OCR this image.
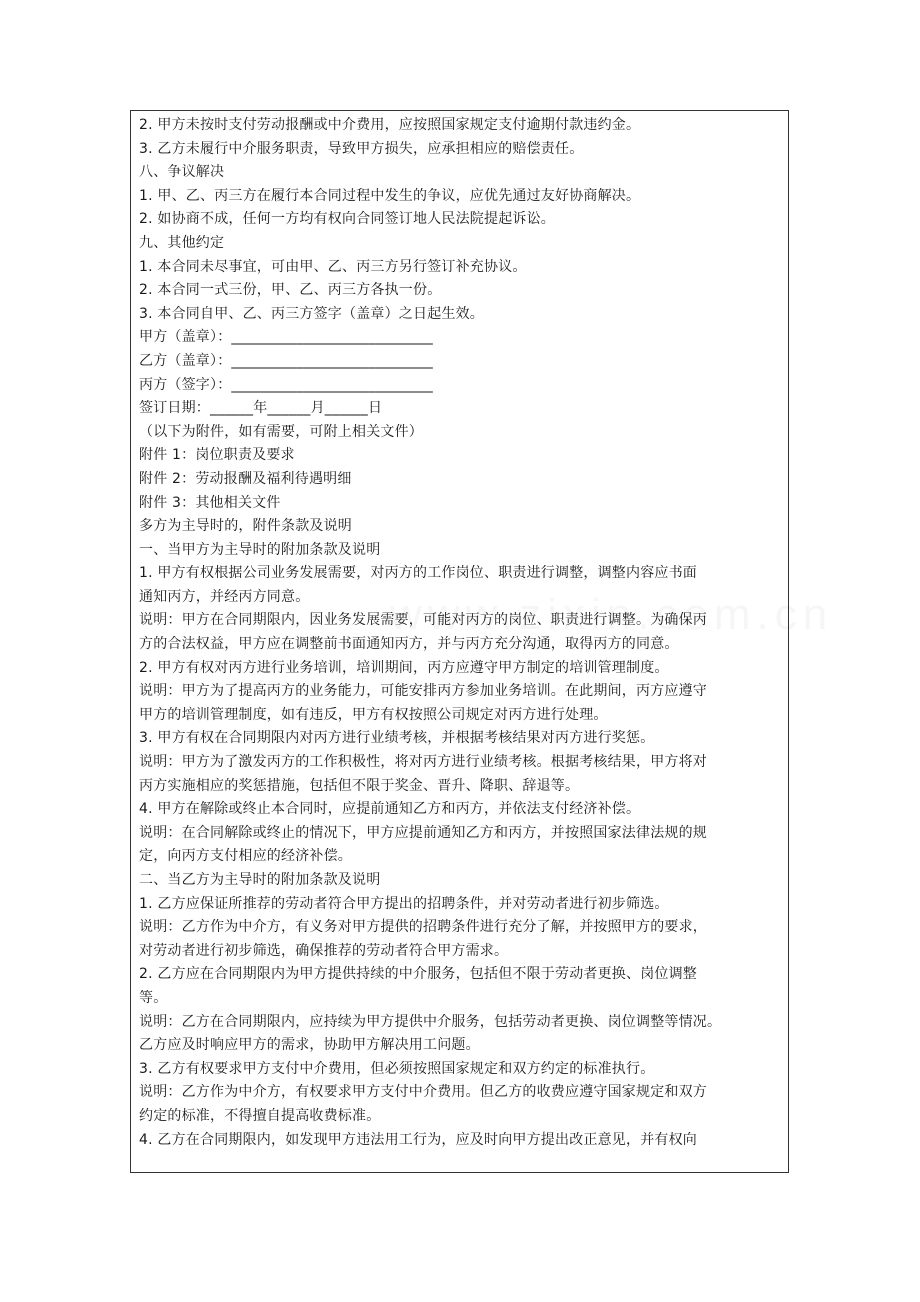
2. 甲方未按时支付劳动报酬或中介费用，应按照国家规定支付逾期付款违约金。
3. 乙方未履行中介服务职责，导致甲方损失，应承担相应的赔偿责任。
八、争议解决
1. 甲、乙、丙三方在履行本合同过程中发生的争议，应优先通过友好协商解决。
2. 如协商不成，任何一方均有权向合同签订地人民法院提起诉讼。
九、其他约定
1. 本合同未尽事宜，可由甲、乙、丙三方另行签订补充协议。
2. 本合同一式三份，甲、乙、丙三方各执一份。
3. 本合同自甲、乙、丙三方签字（盖章）之日起生效。
甲方（盖章）：____________________________
乙方（盖章）：____________________________
丙方（签字）：____________________________
签订日期：______年______月______日
（以下为附件，如有需要，可附上相关文件）
附件 1：岗位职责及要求
附件 2：劳动报酬及福利待遇明细
附件 3：其他相关文件
多方为主导时的，附件条款及说明
一、当甲方为主导时的附加条款及说明
1. 甲方有权根据公司业务发展需要，对丙方的工作岗位、职责进行调整，调整内容应书面
通知丙方，并经丙方同意。
说明：甲方在合同期限内，因业务发展需要，可能对丙方的岗位、职责进行调整。为确保丙
方的合法权益，甲方应在调整前书面通知丙方，并与丙方充分沟通，取得丙方的同意。
2. 甲方有权对丙方进行业务培训，培训期间，丙方应遵守甲方制定的培训管理制度。
说明：甲方为了提高丙方的业务能力，可能安排丙方参加业务培训。在此期间，丙方应遵守
甲方的培训管理制度，如有违反，甲方有权按照公司规定对丙方进行处理。
3. 甲方有权在合同期限内对丙方进行业绩考核，并根据考核结果对丙方进行奖惩。
说明：甲方为了激发丙方的工作积极性，将对丙方进行业绩考核。根据考核结果，甲方将对
丙方实施相应的奖惩措施，包括但不限于奖金、晋升、降职、辞退等。
4. 甲方在解除或终止本合同时，应提前通知乙方和丙方，并依法支付经济补偿。
说明：在合同解除或终止的情况下，甲方应提前通知乙方和丙方，并按照国家法律法规的规
定，向丙方支付相应的经济补偿。
二、当乙方为主导时的附加条款及说明
1. 乙方应保证所推荐的劳动者符合甲方提出的招聘条件，并对劳动者进行初步筛选。
说明：乙方作为中介方，有义务对甲方提供的招聘条件进行充分了解，并按照甲方的要求，
对劳动者进行初步筛选，确保推荐的劳动者符合甲方需求。
2. 乙方应在合同期限内为甲方提供持续的中介服务，包括但不限于劳动者更换、岗位调整
等。
说明：乙方在合同期限内，应持续为甲方提供中介服务，包括劳动者更换、岗位调整等情况。
乙方应及时响应甲方的需求，协助甲方解决用工问题。
3. 乙方有权要求甲方支付中介费用，但必须按照国家规定和双方约定的标准执行。
说明：乙方作为中介方，有权要求甲方支付中介费用。但乙方的收费应遵守国家规定和双方
约定的标准，不得擅自提高收费标准。
4. 乙方在合同期限内，如发现甲方违法用工行为，应及时向甲方提出改正意见，并有权向
